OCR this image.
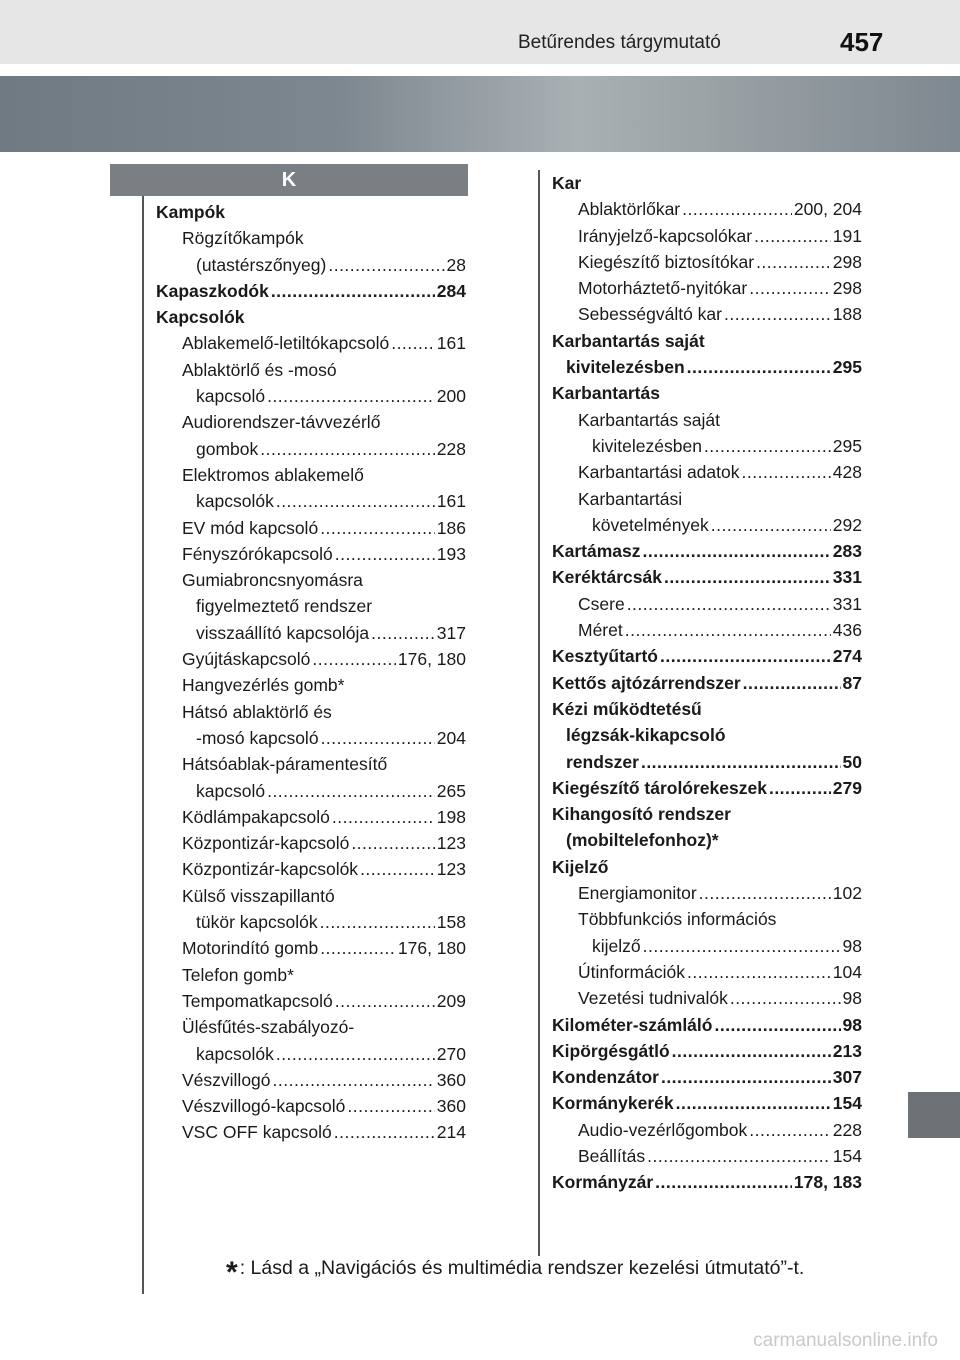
Betűrendes tárgymutató	457
K
Kampók
Rögzítőkampók
(utastérszőnyeg) .....	28
Kapaszkodók .....	284
Kapcsolók
Ablakemelő-letiltókapcsoló .....	161
Ablaktörlő és -mosó
kapcsoló .....	200
Audiorendszer-távvezérlő
gombok .....	228
Elektromos ablakemelő
kapcsolók .....	161
EV mód kapcsoló .....	186
Fényszórókapcsoló .....	193
Gumiabroncsnyomásra
figyelmeztető rendszer
visszaállító kapcsolója .....	317
Gyújtáskapcsoló .....	176, 180
Hangvezérlés gomb*
Hátsó ablaktörlő és
-mosó kapcsoló .....	204
Hátsóablak-páramentesítő
kapcsoló .....	265
Ködlámpakapcsoló .....	198
Központizár-kapcsoló .....	123
Központizár-kapcsolók .....	123
Külső visszapillantó
tükör kapcsolók .....	158
Motorindító gomb .....	176, 180
Telefon gomb*
Tempomatkapcsoló .....	209
Ülésfűtés-szabályozó-
kapcsolók .....	270
Vészvillogó .....	360
Vészvillogó-kapcsoló .....	360
VSC OFF kapcsoló .....	214
Kar
Ablaktörlőkar .....	200, 204
Irányjelző-kapcsolókar .....	191
Kiegészítő biztosítókar .....	298
Motorháztető-nyitókar .....	298
Sebességváltó kar .....	188
Karbantartás saját
kivitelezésben .....	295
Karbantartás
Karbantartás saját
kivitelezésben .....	295
Karbantartási adatok .....	428
Karbantartási
követelmények .....	292
Kartámasz .....	283
Keréktárcsák .....	331
Csere .....	331
Méret .....	436
Kesztyűtartó .....	274
Kettős ajtózárrendszer .....	87
Kézi működtetésű
légzsák-kikapcsoló
rendszer .....	50
Kiegészítő tárolórekeszek .....	279
Kihangosító rendszer
(mobiltelefonhoz)*
Kijelző
Energiamonitor .....	102
Többfunkciós információs
kijelző .....	98
Útinformációk .....	104
Vezetési tudnivalók .....	98
Kilométer-számláló .....	98
Kipörgésgátló .....	213
Kondenzátor .....	307
Kormánykerék .....	154
Audio-vezérlőgombok .....	228
Beállítás .....	154
Kormányzár .....	178, 183
* : Lásd a „Navigációs és multimédia rendszer kezelési útmutató”-t.
carmanualsonline.info
